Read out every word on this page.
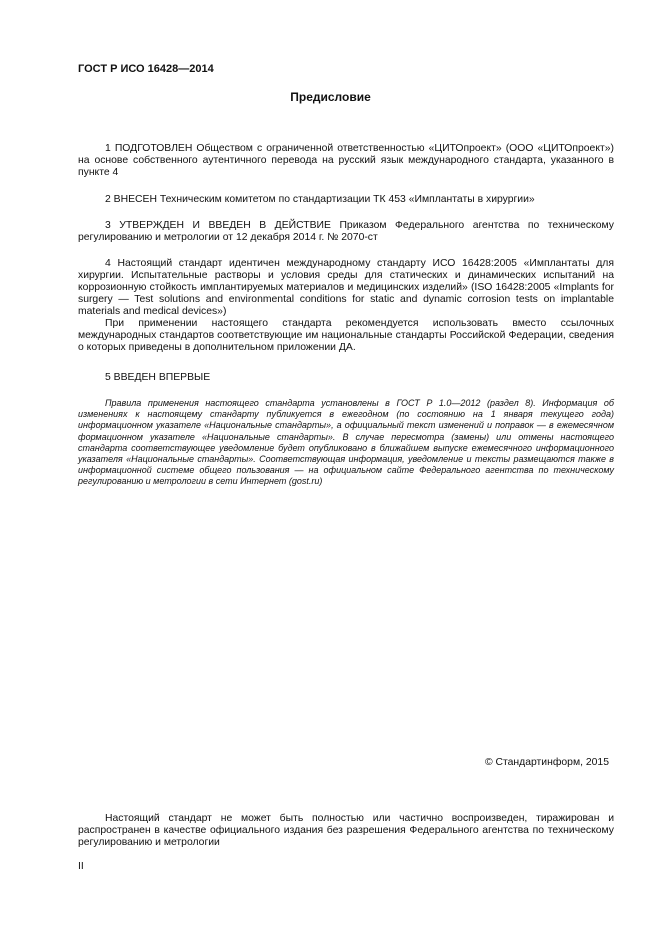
ГОСТ Р ИСО 16428—2014
Предисловие

1 ПОДГОТОВЛЕН Обществом с ограниченной ответственностью «ЦИТОпроект» (ООО «ЦИТОпроект») на основе собственного аутентичного перевода на русский язык международного стандарта, указанного в пункте 4

2 ВНЕСЕН Техническим комитетом по стандартизации ТК 453 «Имплантаты в хирургии»

3 УТВЕРЖДЕН И ВВЕДЕН В ДЕЙСТВИЕ Приказом Федерального агентства по техническому регулированию и метрологии от 12 декабря 2014 г. № 2070-ст

4 Настоящий стандарт идентичен международному стандарту ИСО 16428:2005 «Имплантаты для хирургии. Испытательные растворы и условия среды для статических и динамических испытаний на коррозионную стойкость имплантируемых материалов и медицинских изделий» (ISO 16428:2005 «Implants for surgery — Test solutions and environmental conditions for static and dynamic corrosion tests on implantable materials and medical devices»)

При применении настоящего стандарта рекомендуется использовать вместо ссылочных международных стандартов соответствующие им национальные стандарты Российской Федерации, сведения о которых приведены в дополнительном приложении ДА.

5 ВВЕДЕН ВПЕРВЫЕ

Правила применения настоящего стандарта установлены в ГОСТ Р 1.0—2012 (раздел 8). Информация об изменениях к настоящему стандарту публикуется в ежегодном (по состоянию на 1 января текущего года) информационном указателе «Национальные стандарты», а официальный текст изменений и поправок — в ежемесячном формационном указателе «Национальные стандарты». В случае пересмотра (замены) или отмены настоящего стандарта соответствующее уведомление будет опубликовано в ближайшем выпуске ежемесячного информационного указателя «Национальные стандарты». Соответствующая информация, уведомление и тексты размещаются также в информационной системе общего пользования — на официальном сайте Федерального агентства по техническому регулированию и метрологии в сети Интернет (gost.ru)

© Стандартинформ, 2015

Настоящий стандарт не может быть полностью или частично воспроизведен, тиражирован и распространен в качестве официального издания без разрешения Федерального агентства по техническому регулированию и метрологии

II
